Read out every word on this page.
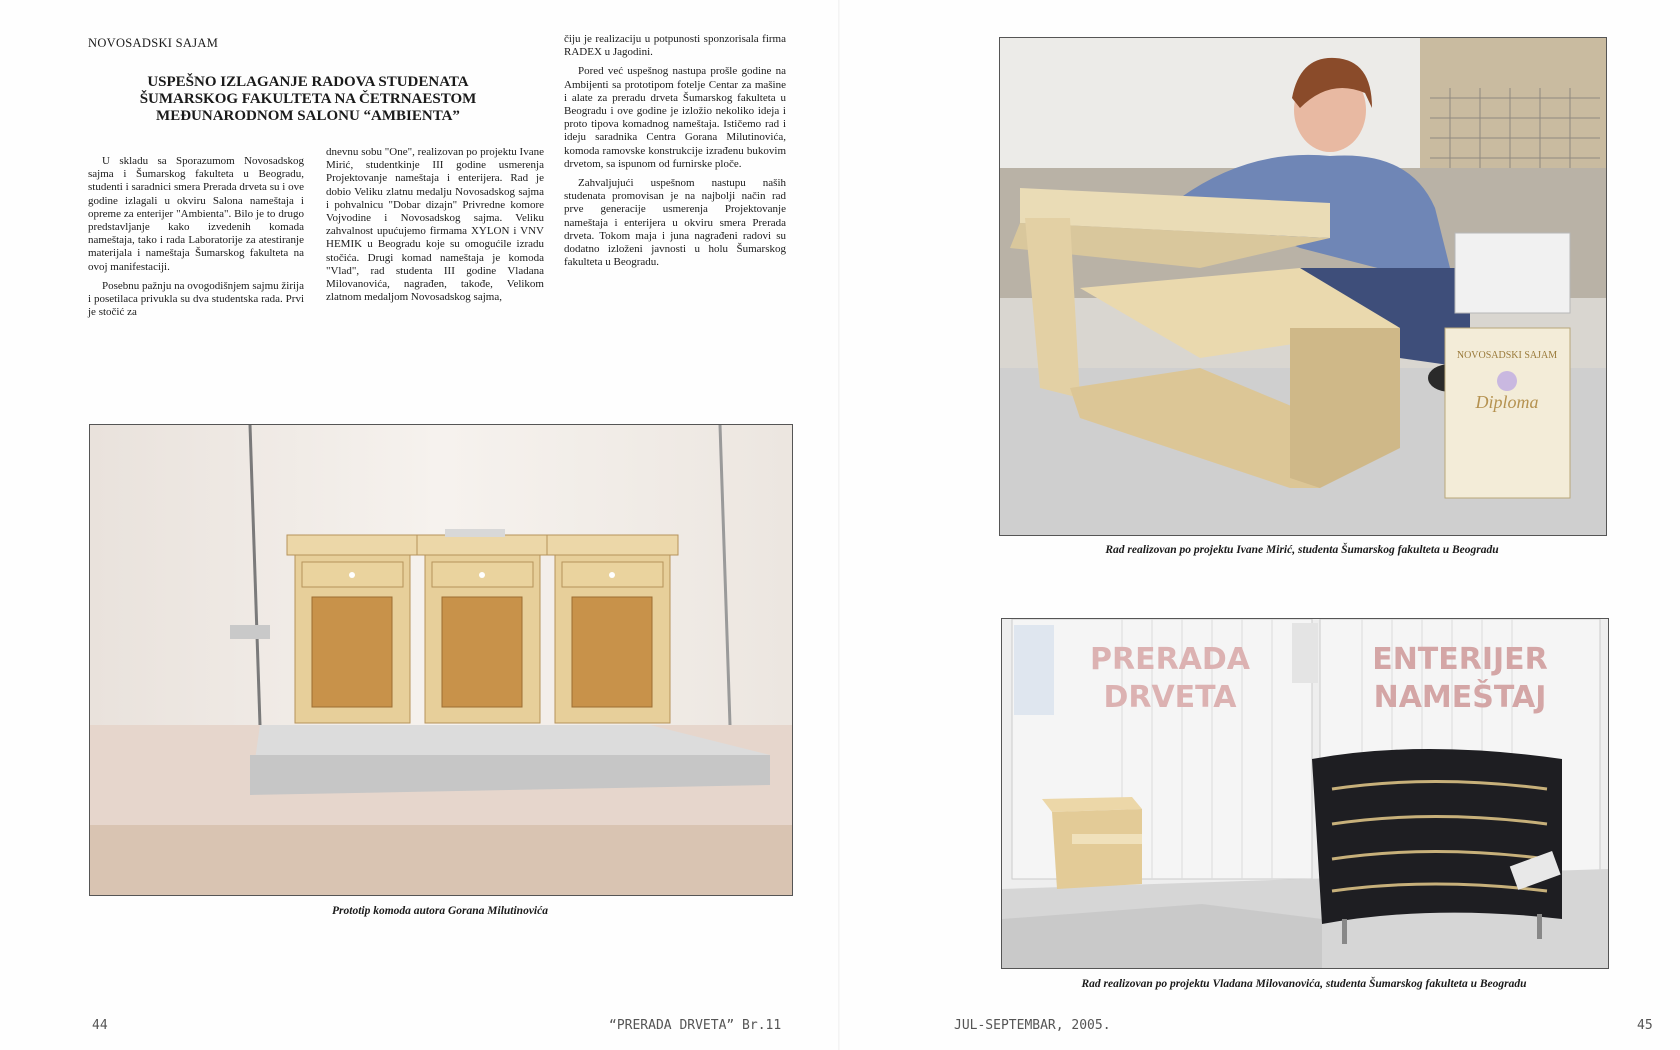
NOVOSADSKI SAJAM
USPEŠNO IZLAGANJE RADOVA STUDENATA
ŠUMARSKOG FAKULTETA NA ČETRNAESTOM
MEĐUNARODNOM SALONU “AMBIENTA”

U skladu sa Sporazumom Novosadskog sajma i Šumarskog fakulteta u Beogradu, studenti i saradnici smera Prerada drveta su i ove godine izlagali u okviru Salona nameštaja i opreme za enterijer "Ambienta". Bilo je to drugo predstavljanje kako izvedenih komada nameštaja, tako i rada Laboratorije za atestiranje materijala i nameštaja Šumarskog fakulteta na ovoj manifestaciji.

Posebnu pažnju na ovogodišnjem sajmu žirija i posetilaca privukla su dva studentska rada. Prvi je stočić za

dnevnu sobu "One", realizovan po projektu Ivane Mirić, studentkinje III godine usmerenja Projektovanje nameštaja i enterijera. Rad je dobio Veliku zlatnu medalju Novosadskog sajma i pohvalnicu "Dobar dizajn" Privredne komore Vojvodine i Novosadskog sajma. Veliku zahvalnost upućujemo firmama XYLON i VNV HEMIK u Beogradu koje su omogućile izradu stočića. Drugi komad nameštaja je komoda "Vlad", rad studenta III godine Vladana Milovanovića, nagrađen, takođe, Velikom zlatnom medaljom Novosadskog sajma,

čiju je realizaciju u potpunosti sponzorisala firma RADEX u Jagodini.

Pored već uspešnog nastupa prošle godine na Ambijenti sa prototipom fotelje Centar za mašine i alate za preradu drveta Šumarskog fakulteta u Beogradu i ove godine je izložio nekoliko ideja i proto tipova komadnog nameštaja. Ističemo rad i ideju saradnika Centra Gorana Milutinovića, komoda ramovske konstrukcije izrađenu bukovim drvetom, sa ispunom od furnirske ploče.

Zahvaljujući uspešnom nastupu naših studenata promovisan je na najbolji način rad prve generacije usmerenja Projektovanje nameštaja i enterijera u okviru smera Prerada drveta. Tokom maja i juna nagrađeni radovi su dodatno izloženi javnosti u holu Šumarskog fakulteta u Beogradu.

Prototip komoda autora Gorana Milutinovića
44	“PRERADA DRVETA” Br.11
NOVOSADSKI SAJAM
Diploma
Rad realizovan po projektu Ivane Mirić, studenta Šumarskog fakulteta u Beogradu
PRERADA
DRVETA
ENTERIJER
NAMEŠTAJ
Rad realizovan po projektu Vladana Milovanovića, studenta Šumarskog fakulteta u Beogradu
JUL-SEPTEMBAR, 2005.	45
